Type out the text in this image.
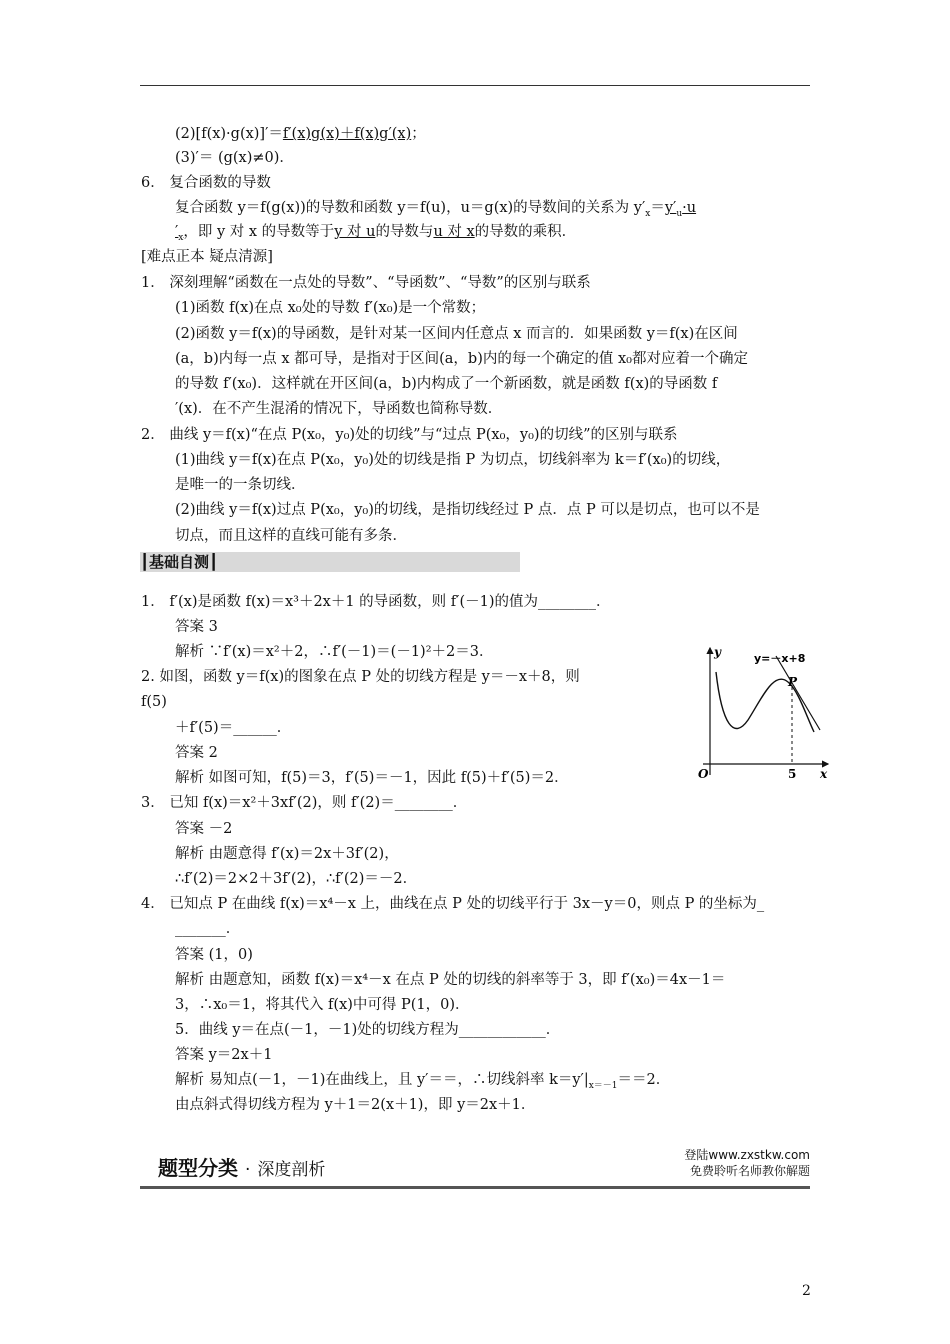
(2)[f(x)·g(x)]′＝f′(x)g(x)＋f(x)g′(x)；
(3)′＝ (g(x)≠0)．
6． 复合函数的导数
复合函数 y＝f(g(x))的导数和函数 y＝f(u)，u＝g(x)的导数间的关系为 $y'_x=y'_u\cdot u$
$'_x$，即 y 对 x 的导数等于y 对 u的导数与u 对 x的导数的乘积．
[难点正本 疑点清源]
1． 深刻理解“函数在一点处的导数”、“导函数”、“导数”的区别与联系
(1)函数 f(x)在点 x₀处的导数 f′(x₀)是一个常数；
(2)函数 y＝f(x)的导函数，是针对某一区间内任意点 x 而言的．如果函数 y＝f(x)在区间
(a，b)内每一点 x 都可导，是指对于区间(a，b)内的每一个确定的值 x₀都对应着一个确定
的导数 f′(x₀)．这样就在开区间(a，b)内构成了一个新函数，就是函数 f(x)的导函数 f
′(x)．在不产生混淆的情况下，导函数也简称导数．
2． 曲线 y＝f(x)“在点 P(x₀，y₀)处的切线”与“过点 P(x₀，y₀)的切线”的区别与联系
(1)曲线 y＝f(x)在点 P(x₀，y₀)处的切线是指 P 为切点，切线斜率为 k＝f′(x₀)的切线，
是唯一的一条切线．
(2)曲线 y＝f(x)过点 P(x₀，y₀)的切线，是指切线经过 P 点．点 P 可以是切点，也可以不是
切点，而且这样的直线可能有多条．
┃基础自测┃
1． f′(x)是函数 f(x)＝x³＋2x＋1 的导函数，则 f′(－1)的值为________．
答案 3
解析 ∵f′(x)＝x²＋2，∴f′(－1)＝(－1)²＋2＝3．
2. 如图，函数 y＝f(x)的图象在点 P 处的切线方程是 y＝－x＋8，则
f(5)
＋f′(5)＝______．
答案 2
解析 如图可知，f(5)＝3，f′(5)＝－1，因此 f(5)＋f′(5)＝2．
3． 已知 f(x)＝x²＋3xf′(2)，则 f′(2)＝________．
答案 －2
解析 由题意得 f′(x)＝2x＋3f′(2)，
∴f′(2)＝2×2＋3f′(2)，∴f′(2)＝－2．
4． 已知点 P 在曲线 f(x)＝x⁴－x 上，曲线在点 P 处的切线平行于 3x－y＝0，则点 P 的坐标为_
_______．
答案 (1，0)
解析 由题意知，函数 f(x)＝x⁴－x 在点 P 处的切线的斜率等于 3，即 f′(x₀)＝4x－1＝
3，∴x₀＝1，将其代入 f(x)中可得 P(1，0)．
5．曲线 y＝在点(－1，－1)处的切线方程为____________．
答案 y＝2x＋1
解析 易知点(－1，－1)在曲线上，且 y′＝＝，∴切线斜率 $k=y'|_{x=-1}==2$．
由点斜式得切线方程为 y＋1＝2(x＋1)，即 y＝2x＋1．
y
x
O	5
P
y=－x+8
题型分类 · 深度剖析
登陆www.zxstkw.com
免费聆听名师教你解题
2
